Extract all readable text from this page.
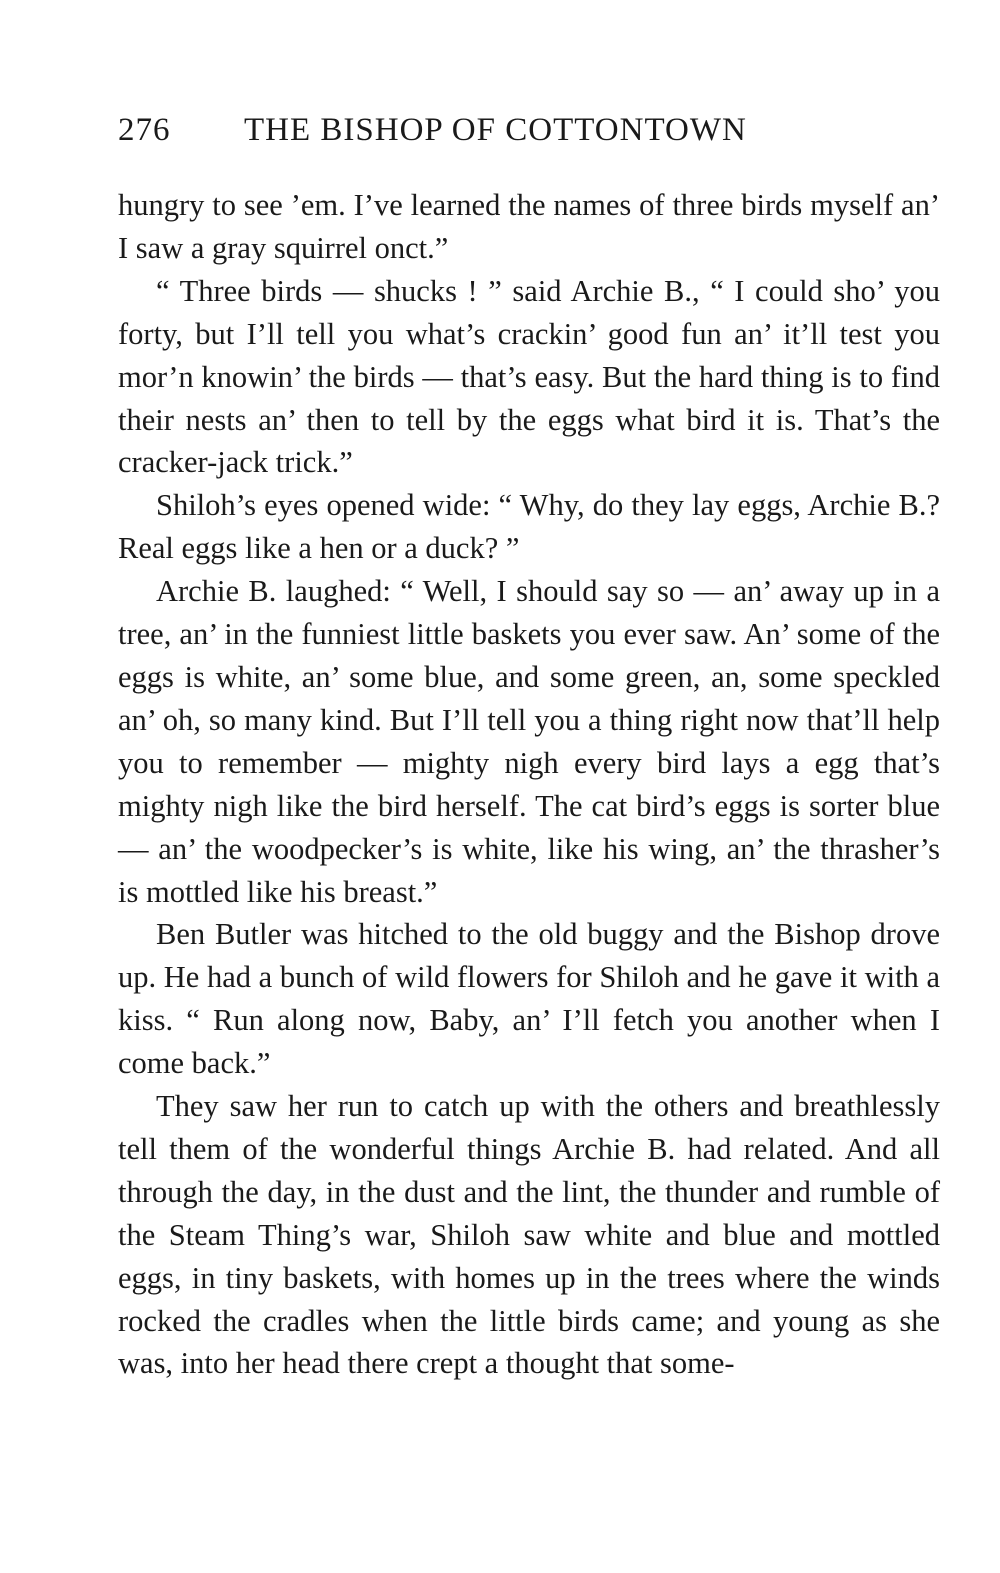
276 THE BISHOP OF COTTONTOWN

hungry to see ’em. I’ve learned the names of three birds myself an’ I saw a gray squirrel onct.”

“ Three birds — shucks ! ” said Archie B., “ I could sho’ you forty, but I’ll tell you what’s crackin’ good fun an’ it’ll test you mor’n knowin’ the birds — that’s easy. But the hard thing is to find their nests an’ then to tell by the eggs what bird it is. That’s the cracker-jack trick.”

Shiloh’s eyes opened wide: “ Why, do they lay eggs, Archie B.? Real eggs like a hen or a duck? ”

Archie B. laughed: “ Well, I should say so — an’ away up in a tree, an’ in the funniest little baskets you ever saw. An’ some of the eggs is white, an’ some blue, and some green, an, some speckled an’ oh, so many kind. But I’ll tell you a thing right now that’ll help you to remember — mighty nigh every bird lays a egg that’s mighty nigh like the bird herself. The cat bird’s eggs is sorter blue — an’ the woodpecker’s is white, like his wing, an’ the thrasher’s is mottled like his breast.”

Ben Butler was hitched to the old buggy and the Bishop drove up. He had a bunch of wild flowers for Shiloh and he gave it with a kiss. “ Run along now, Baby, an’ I’ll fetch you another when I come back.”

They saw her run to catch up with the others and breathlessly tell them of the wonderful things Archie B. had related. And all through the day, in the dust and the lint, the thunder and rumble of the Steam Thing’s war, Shiloh saw white and blue and mottled eggs, in tiny baskets, with homes up in the trees where the winds rocked the cradles when the little birds came; and young as she was, into her head there crept a thought that some-
